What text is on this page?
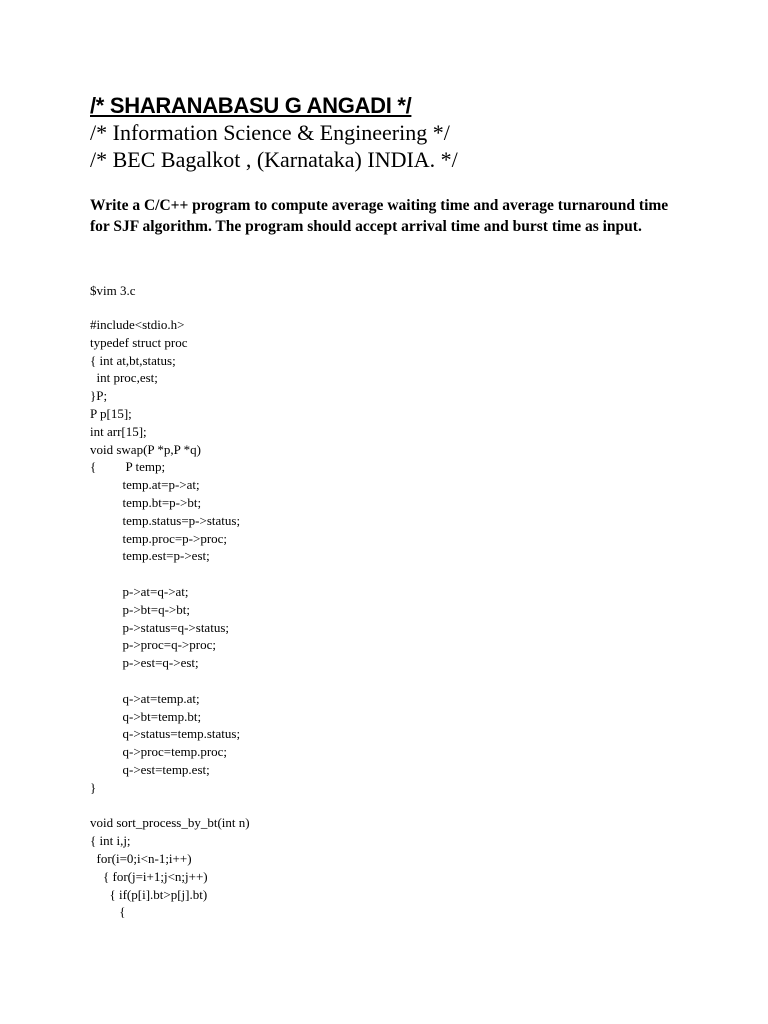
/* SHARANABASU G ANGADI */

/* Information Science & Engineering */

/* BEC Bagalkot , (Karnataka) INDIA. */

Write a C/C++ program to compute average waiting time and average turnaround time for SJF algorithm. The program should accept arrival time and burst time as input.

$vim 3.c

#include<stdio.h>
typedef struct proc
{ int at,bt,status;
int proc,est;
}P;
P p[15];
int arr[15];
void swap(P *p,P *q)
{         P temp;
temp.at=p->at;
temp.bt=p->bt;
temp.status=p->status;
temp.proc=p->proc;
temp.est=p->est;
p->at=q->at;
p->bt=q->bt;
p->status=q->status;
p->proc=q->proc;
p->est=q->est;
q->at=temp.at;
q->bt=temp.bt;
q->status=temp.status;
q->proc=temp.proc;
q->est=temp.est;
}
void sort_process_by_bt(int n)
{ int i,j;
for(i=0;i<n-1;i++)
{ for(j=i+1;j<n;j++)
{ if(p[i].bt>p[j].bt)
{
